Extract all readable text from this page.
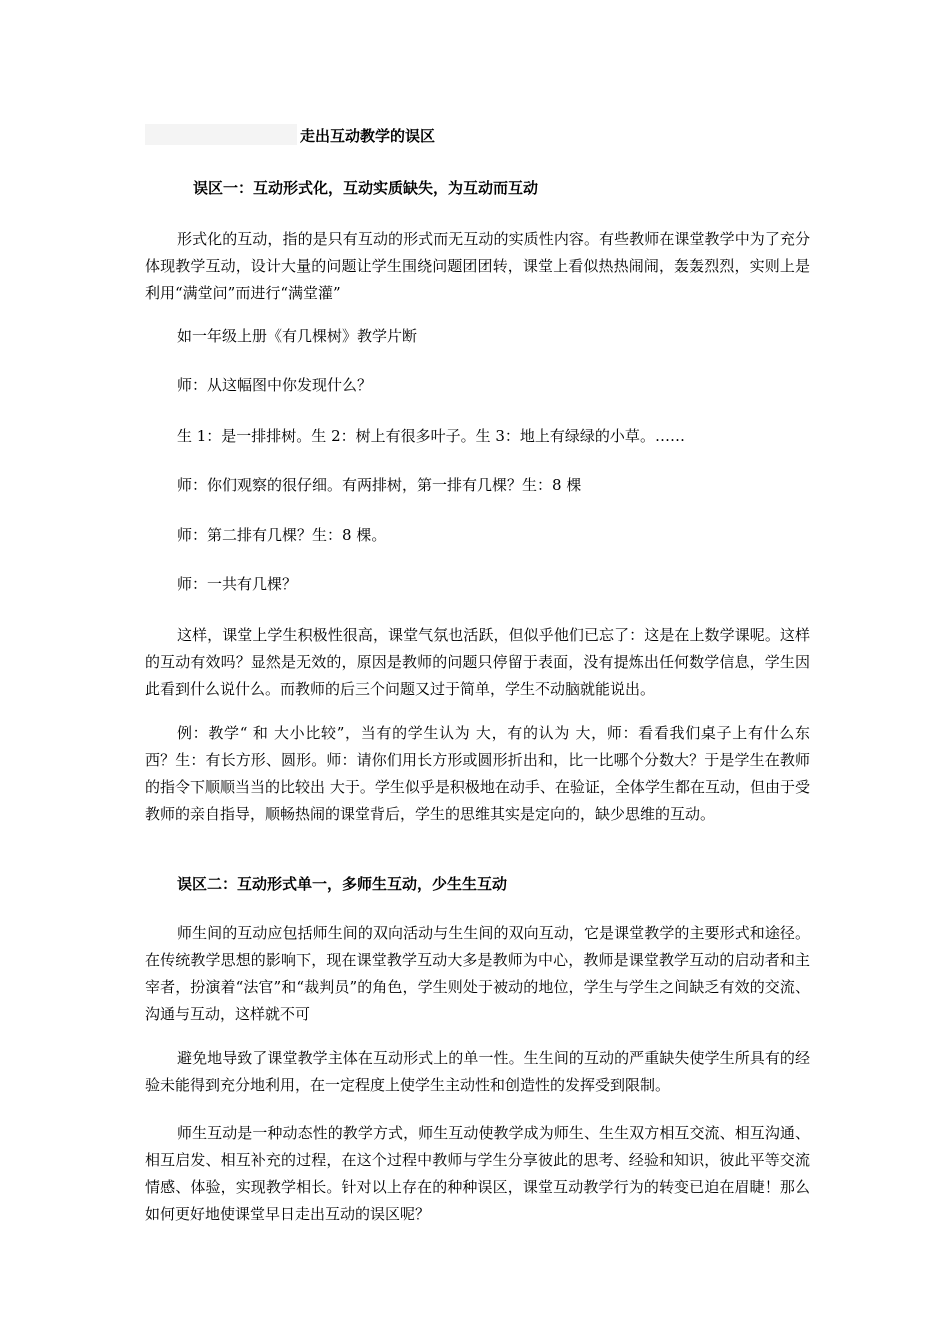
走出互动教学的误区
误区一：互动形式化，互动实质缺失，为互动而互动
形式化的互动，指的是只有互动的形式而无互动的实质性内容。有些教师在课堂教学中为了充分体现教学互动，设计大量的问题让学生围绕问题团团转，课堂上看似热热闹闹，轰轰烈烈，实则上是利用“满堂问”而进行“满堂灌”
如一年级上册《有几棵树》教学片断
师：从这幅图中你发现什么？
生 1：是一排排树。生 2：树上有很多叶子。生 3：地上有绿绿的小草。……
师：你们观察的很仔细。有两排树，第一排有几棵？生：8 棵
师：第二排有几棵？生：8 棵。
师：一共有几棵？
这样，课堂上学生积极性很高，课堂气氛也活跃，但似乎他们已忘了：这是在上数学课呢。这样的互动有效吗？显然是无效的，原因是教师的问题只停留于表面，没有提炼出任何数学信息，学生因此看到什么说什么。而教师的后三个问题又过于简单，学生不动脑就能说出。
例：教学“ 和 大小比较”，当有的学生认为 大，有的认为 大，师：看看我们桌子上有什么东西？生：有长方形、圆形。师：请你们用长方形或圆形折出和，比一比哪个分数大？于是学生在教师的指令下顺顺当当的比较出 大于。学生似乎是积极地在动手、在验证，全体学生都在互动，但由于受教师的亲自指导，顺畅热闹的课堂背后，学生的思维其实是定向的，缺少思维的互动。
误区二：互动形式单一，多师生互动，少生生互动
师生间的互动应包括师生间的双向活动与生生间的双向互动，它是课堂教学的主要形式和途径。在传统教学思想的影响下，现在课堂教学互动大多是教师为中心，教师是课堂教学互动的启动者和主宰者，扮演着“法官”和“裁判员”的角色，学生则处于被动的地位，学生与学生之间缺乏有效的交流、沟通与互动，这样就不可
避免地导致了课堂教学主体在互动形式上的单一性。生生间的互动的严重缺失使学生所具有的经验未能得到充分地利用，在一定程度上使学生主动性和创造性的发挥受到限制。
师生互动是一种动态性的教学方式，师生互动使教学成为师生、生生双方相互交流、相互沟通、相互启发、相互补充的过程，在这个过程中教师与学生分享彼此的思考、经验和知识，彼此平等交流情感、体验，实现教学相长。针对以上存在的种种误区，课堂互动教学行为的转变已迫在眉睫！那么如何更好地使课堂早日走出互动的误区呢？
